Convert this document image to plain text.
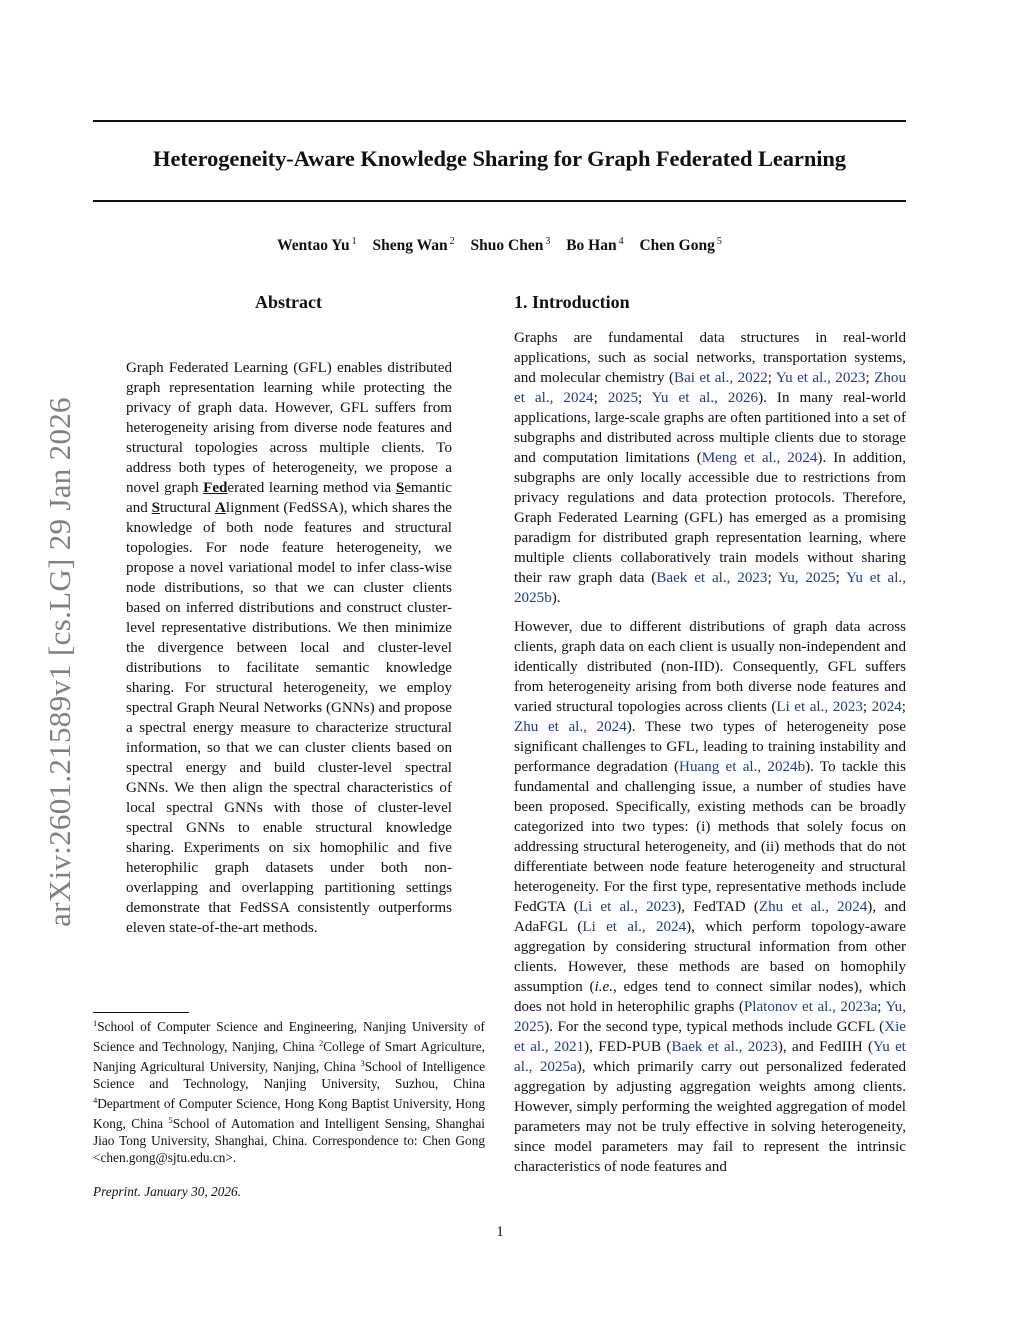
arXiv:2601.21589v1 [cs.LG] 29 Jan 2026
Heterogeneity-Aware Knowledge Sharing for Graph Federated Learning
Wentao Yu $^1$ Sheng Wan $^2$ Shuo Chen $^3$ Bo Han $^4$ Chen Gong $^5$
Abstract
Graph Federated Learning (GFL) enables distributed graph representation learning while protecting the privacy of graph data. However, GFL suffers from heterogeneity arising from diverse node features and structural topologies across multiple clients. To address both types of heterogeneity, we propose a novel graph Federated learning method via Semantic and Structural Alignment (FedSSA), which shares the knowledge of both node features and structural topologies. For node feature heterogeneity, we propose a novel variational model to infer class-wise node distributions, so that we can cluster clients based on inferred distributions and construct cluster-level representative distributions. We then minimize the divergence between local and cluster-level distributions to facilitate semantic knowledge sharing. For structural heterogeneity, we employ spectral Graph Neural Networks (GNNs) and propose a spectral energy measure to characterize structural information, so that we can cluster clients based on spectral energy and build cluster-level spectral GNNs. We then align the spectral characteristics of local spectral GNNs with those of cluster-level spectral GNNs to enable structural knowledge sharing. Experiments on six homophilic and five heterophilic graph datasets under both non-overlapping and overlapping partitioning settings demonstrate that FedSSA consistently outperforms eleven state-of-the-art methods.
$^1$School of Computer Science and Engineering, Nanjing University of Science and Technology, Nanjing, China $^2$College of Smart Agriculture, Nanjing Agricultural University, Nanjing, China $^3$School of Intelligence Science and Technology, Nanjing University, Suzhou, China $^4$Department of Computer Science, Hong Kong Baptist University, Hong Kong, China $^5$School of Automation and Intelligent Sensing, Shanghai Jiao Tong University, Shanghai, China. Correspondence to: Chen Gong <chen.gong@sjtu.edu.cn>.
Preprint. January 30, 2026.
1. Introduction

Graphs are fundamental data structures in real-world applications, such as social networks, transportation systems, and molecular chemistry (Bai et al., 2022; Yu et al., 2023; Zhou et al., 2024; 2025; Yu et al., 2026). In many real-world applications, large-scale graphs are often partitioned into a set of subgraphs and distributed across multiple clients due to storage and computation limitations (Meng et al., 2024). In addition, subgraphs are only locally accessible due to restrictions from privacy regulations and data protection protocols. Therefore, Graph Federated Learning (GFL) has emerged as a promising paradigm for distributed graph representation learning, where multiple clients collaboratively train models without sharing their raw graph data (Baek et al., 2023; Yu, 2025; Yu et al., 2025b).

However, due to different distributions of graph data across clients, graph data on each client is usually non-independent and identically distributed (non-IID). Consequently, GFL suffers from heterogeneity arising from both diverse node features and varied structural topologies across clients (Li et al., 2023; 2024; Zhu et al., 2024). These two types of heterogeneity pose significant challenges to GFL, leading to training instability and performance degradation (Huang et al., 2024b). To tackle this fundamental and challenging issue, a number of studies have been proposed. Specifically, existing methods can be broadly categorized into two types: (i) methods that solely focus on addressing structural heterogeneity, and (ii) methods that do not differentiate between node feature heterogeneity and structural heterogeneity. For the first type, representative methods include FedGTA (Li et al., 2023), FedTAD (Zhu et al., 2024), and AdaFGL (Li et al., 2024), which perform topology-aware aggregation by considering structural information from other clients. However, these methods are based on homophily assumption (i.e., edges tend to connect similar nodes), which does not hold in heterophilic graphs (Platonov et al., 2023a; Yu, 2025). For the second type, typical methods include GCFL (Xie et al., 2021), FED-PUB (Baek et al., 2023), and FedIIH (Yu et al., 2025a), which primarily carry out personalized federated aggregation by adjusting aggregation weights among clients. However, simply performing the weighted aggregation of model parameters may not be truly effective in solving heterogeneity, since model parameters may fail to represent the intrinsic characteristics of node features and

1
